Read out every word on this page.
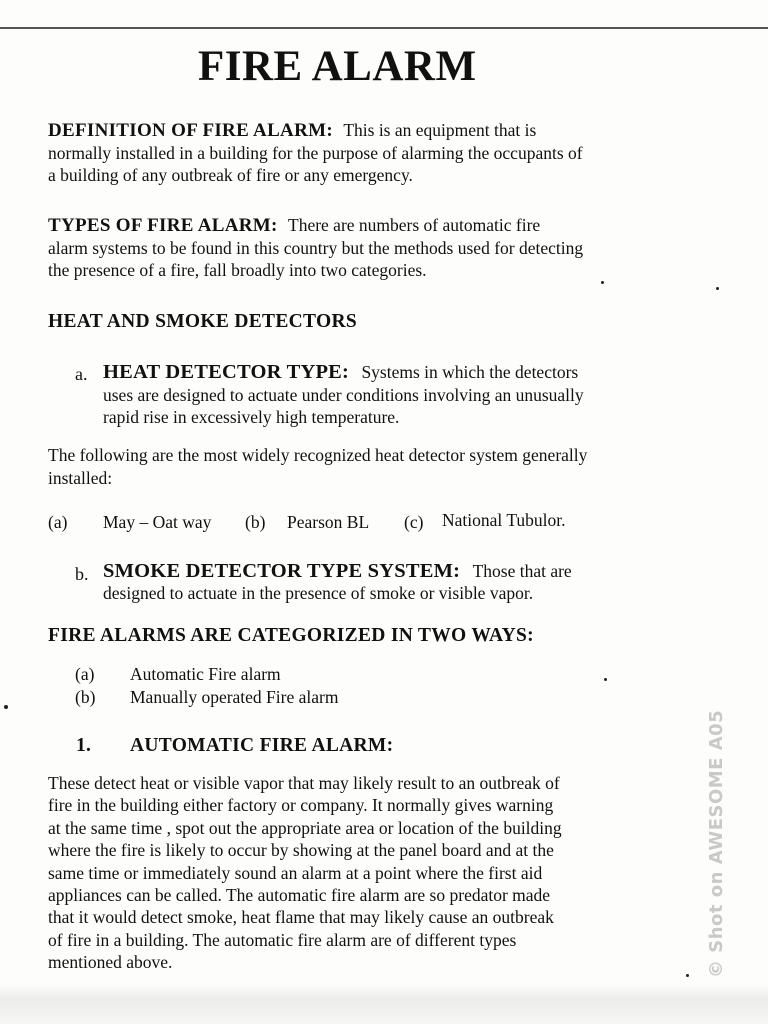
FIRE ALARM
DEFINITION OF FIRE ALARM: This is an equipment that is
normally installed in a building for the purpose of alarming the occupants of
a building of any outbreak of fire or any emergency.
TYPES OF FIRE ALARM: There are numbers of automatic fire
alarm systems to be found in this country but the methods used for detecting
the presence of a fire, fall broadly into two categories.
HEAT AND SMOKE DETECTORS
a. HEAT DETECTOR TYPE: Systems in which the detectors
uses are designed to actuate under conditions involving an unusually
rapid rise in excessively high temperature.
The following are the most widely recognized heat detector system generally
installed:
(a) May – Oat way (b) Pearson BL (c) National Tubulor.
b. SMOKE DETECTOR TYPE SYSTEM: Those that are
designed to actuate in the presence of smoke or visible vapor.
FIRE ALARMS ARE CATEGORIZED IN TWO WAYS:
(a) Automatic Fire alarm
(b) Manually operated Fire alarm
1. AUTOMATIC FIRE ALARM:
These detect heat or visible vapor that may likely result to an outbreak of
fire in the building either factory or company. It normally gives warning
at the same time , spot out the appropriate area or location of the building
where the fire is likely to occur by showing at the panel board and at the
same time or immediately sound an alarm at a point where the first aid
appliances can be called. The automatic fire alarm are so predator made
that it would detect smoke, heat flame that may likely cause an outbreak
of fire in a building. The automatic fire alarm are of different types
mentioned above.	© Shot on AWESOME A05
